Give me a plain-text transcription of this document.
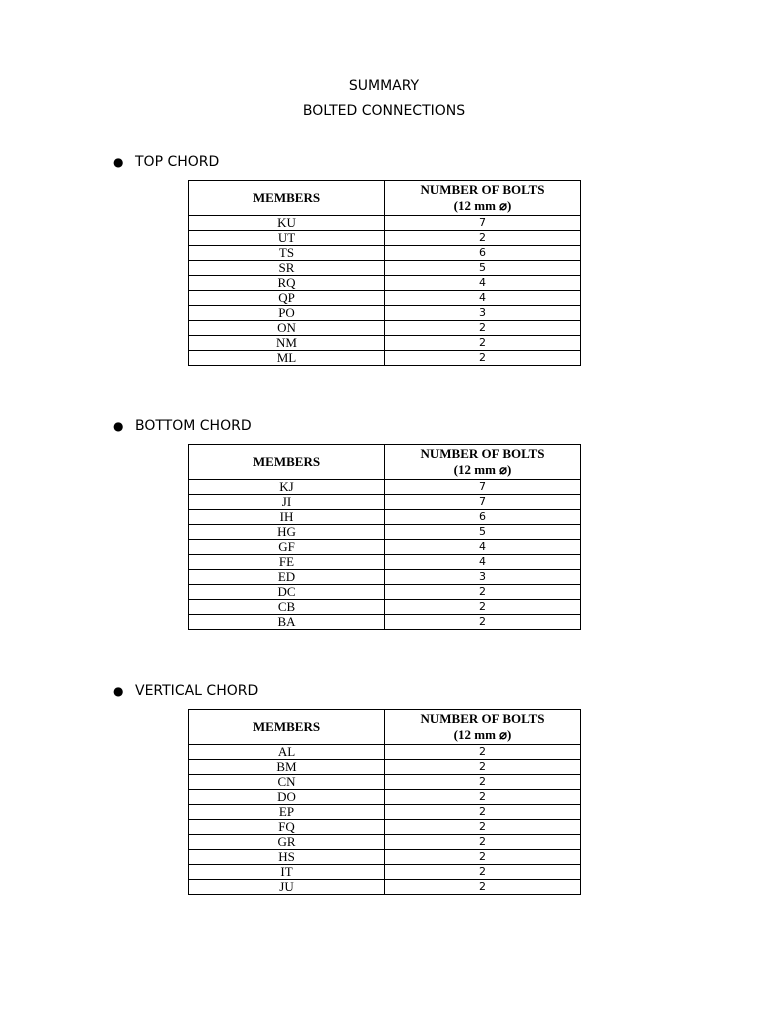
SUMMARY
BOLTED CONNECTIONS
● TOP CHORD
MEMBERS	NUMBER OF BOLTS
(12 mm ⌀)
KU	7
UT	2
TS	6
SR	5
RQ	4
QP	4
PO	3
ON	2
NM	2
ML	2
● BOTTOM CHORD
MEMBERS	NUMBER OF BOLTS
(12 mm ⌀)
KJ	7
JI	7
IH	6
HG	5
GF	4
FE	4
ED	3
DC	2
CB	2
BA	2
● VERTICAL CHORD
MEMBERS	NUMBER OF BOLTS
(12 mm ⌀)
AL	2
BM	2
CN	2
DO	2
EP	2
FQ	2
GR	2
HS	2
IT	2
JU	2
